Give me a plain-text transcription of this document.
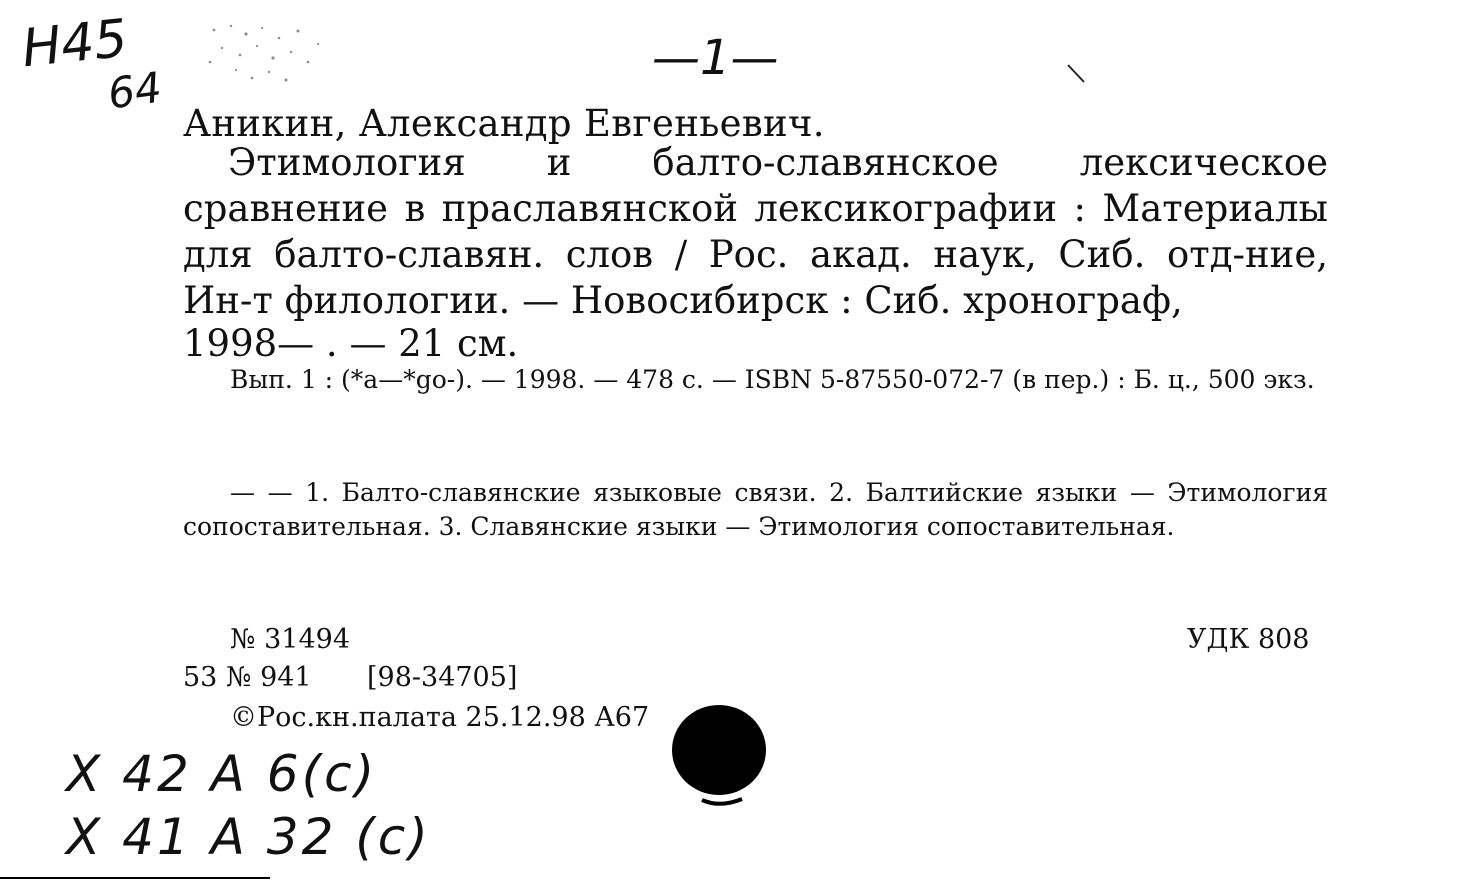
Н45
64
—1—
Х 42 А 6(с)
Х 41 А 32 (с)
Аникин, Александр Евгеньевич.
Этимология и балто-славянское лексическое сравнение в праславянской лексикографии : Материалы для балто-славян. слов / Рос. акад. наук, Сиб. отд-ние, Ин-т филологии. — Новосибирск : Сиб. хронограф,
1998— . — 21 см.
Вып. 1 : (*а—*go-). — 1998. — 478 с. — ISBN 5-87550-072-7 (в пер.) : Б. ц., 500 экз.
— — 1. Балто-славянские языковые связи. 2. Балтийские языки — Этимология сопоставительная. 3. Славянские языки — Этимология сопоставительная.
№ 31494	УДК 808
53 № 941 [98-34705]
©Рос.кн.палата 25.12.98 А67
